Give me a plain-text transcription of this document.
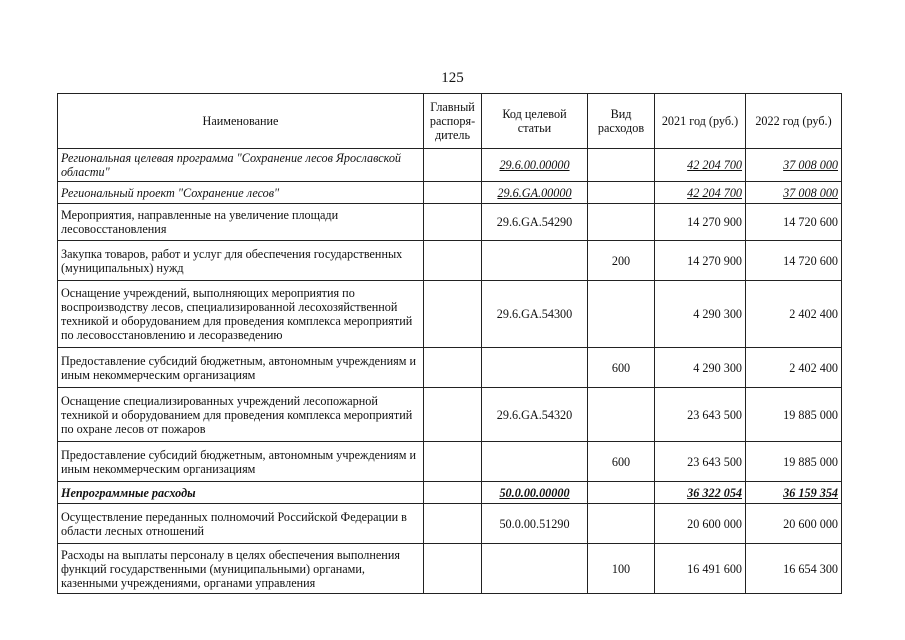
125
Наименование	Главный распоря-дитель	Код целевой статьи	Вид расходов	2021 год (руб.)	2022 год (руб.)
Региональная целевая программа "Сохранение лесов Ярославской области"		29.6.00.00000		42 204 700	37 008 000
Региональный проект "Сохранение лесов"		29.6.GA.00000		42 204 700	37 008 000
Мероприятия, направленные на увеличение площади лесовосстановления		29.6.GA.54290		14 270 900	14 720 600
Закупка товаров, работ и услуг для обеспечения государственных (муниципальных) нужд			200	14 270 900	14 720 600
Оснащение учреждений, выполняющих мероприятия по воспроизводству лесов, специализированной лесохозяйственной техникой и оборудованием для проведения комплекса мероприятий по лесовосстановлению и лесоразведению		29.6.GA.54300		4 290 300	2 402 400
Предоставление субсидий бюджетным, автономным учреждениям и иным некоммерческим организациям			600	4 290 300	2 402 400
Оснащение специализированных учреждений лесопожарной техникой и оборудованием для проведения комплекса мероприятий по охране лесов от пожаров		29.6.GA.54320		23 643 500	19 885 000
Предоставление субсидий бюджетным, автономным учреждениям и иным некоммерческим организациям			600	23 643 500	19 885 000
Непрограммные расходы		50.0.00.00000		36 322 054	36 159 354
Осуществление переданных полномочий Российской Федерации в области лесных отношений		50.0.00.51290		20 600 000	20 600 000
Расходы на выплаты персоналу в целях обеспечения выполнения функций государственными (муниципальными) органами, казенными учреждениями, органами управления			100	16 491 600	16 654 300
